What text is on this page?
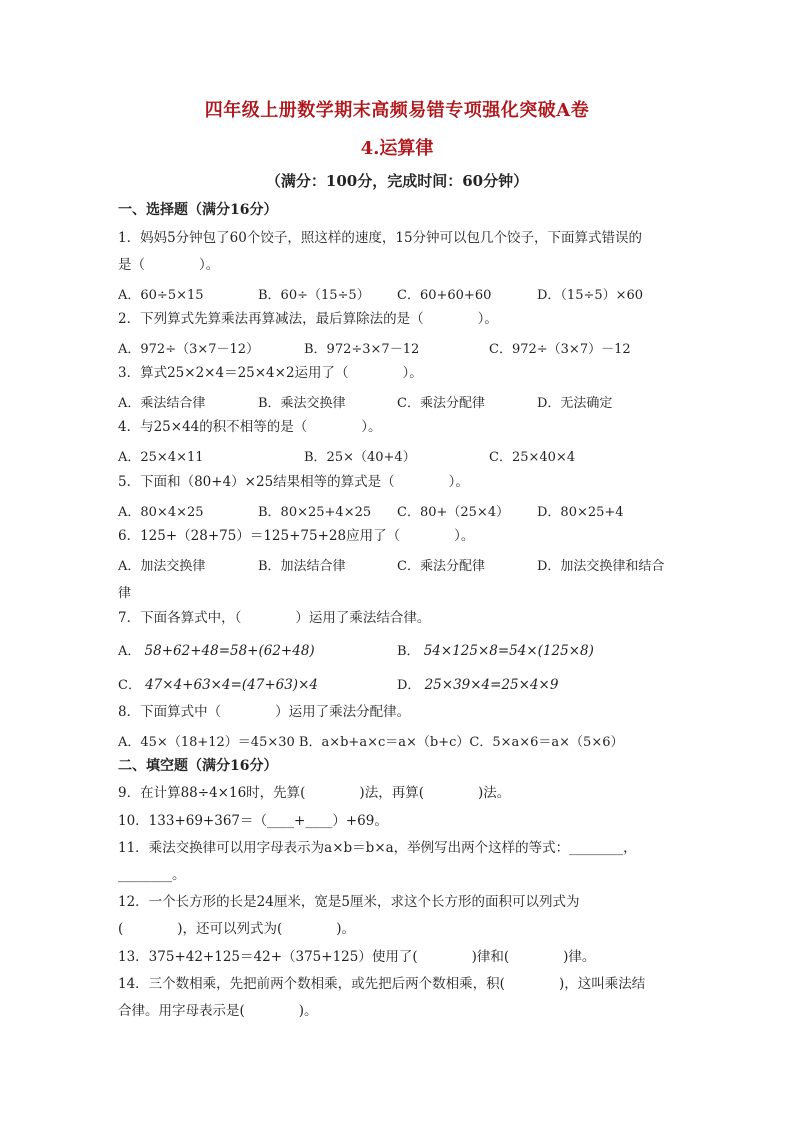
四年级上册数学期末高频易错专项强化突破A卷
4.运算律
（满分：100分，完成时间：60分钟）
一、选择题（满分16分）
1．妈妈5分钟包了60个饺子，照这样的速度，15分钟可以包几个饺子，下面算式错误的
是（　　　　）。
A．60÷5×15	B．60÷（15÷5） C．60+60+60	D．（15÷5）×60
2．下列算式先算乘法再算减法，最后算除法的是（　　　　）。
A．972÷（3×7－12）	B．972÷3×7－12	C．972÷（3×7）－12
3．算式25×2×4＝25×4×2运用了（　　　　）。
A．乘法结合律	B．乘法交换律	C．乘法分配律	D．无法确定
4．与25×44的积不相等的是（　　　　）。
A．25×4×11	B．25×（40+4）	C．25×40×4
5．下面和（80+4）×25结果相等的算式是（　　　　）。
A．80×4×25	B．80×25+4×25 C．80+（25×4） D．80×25+4
6．125+（28+75）＝125+75+28应用了（　　　　）。
A．加法交换律	B．加法结合律	C．乘法分配律	D．加法交换律和结合
律
7．下面各算式中，（　　　　）运用了乘法结合律。
A． 58+62+48=58+(62+48)	B． 54×125×8=54×(125×8)
C． 47×4+63×4=(47+63)×4	D． 25×39×4=25×4×9
8．下面算式中（　　　　）运用了乘法分配律。
A．45×（18+12）＝45×30 B．a×b+a×c＝a×（b+c）C．5×a×6＝a×（5×6）
二、填空题（满分16分）
9．在计算88÷4×16时，先算(　　　　)法，再算(　　　　)法。
10．133+69+367＝（____+____）+69。
11．乘法交换律可以用字母表示为a×b＝b×a，举例写出两个这样的等式：________，
________。
12．一个长方形的长是24厘米，宽是5厘米，求这个长方形的面积可以列式为
(　　　　)，还可以列式为(　　　　)。
13．375+42+125＝42+（375+125）使用了(　　　　)律和(　　　　)律。
14．三个数相乘，先把前两个数相乘，或先把后两个数相乘，积(　　　　)，这叫乘法结
合律。用字母表示是(　　　　)。
